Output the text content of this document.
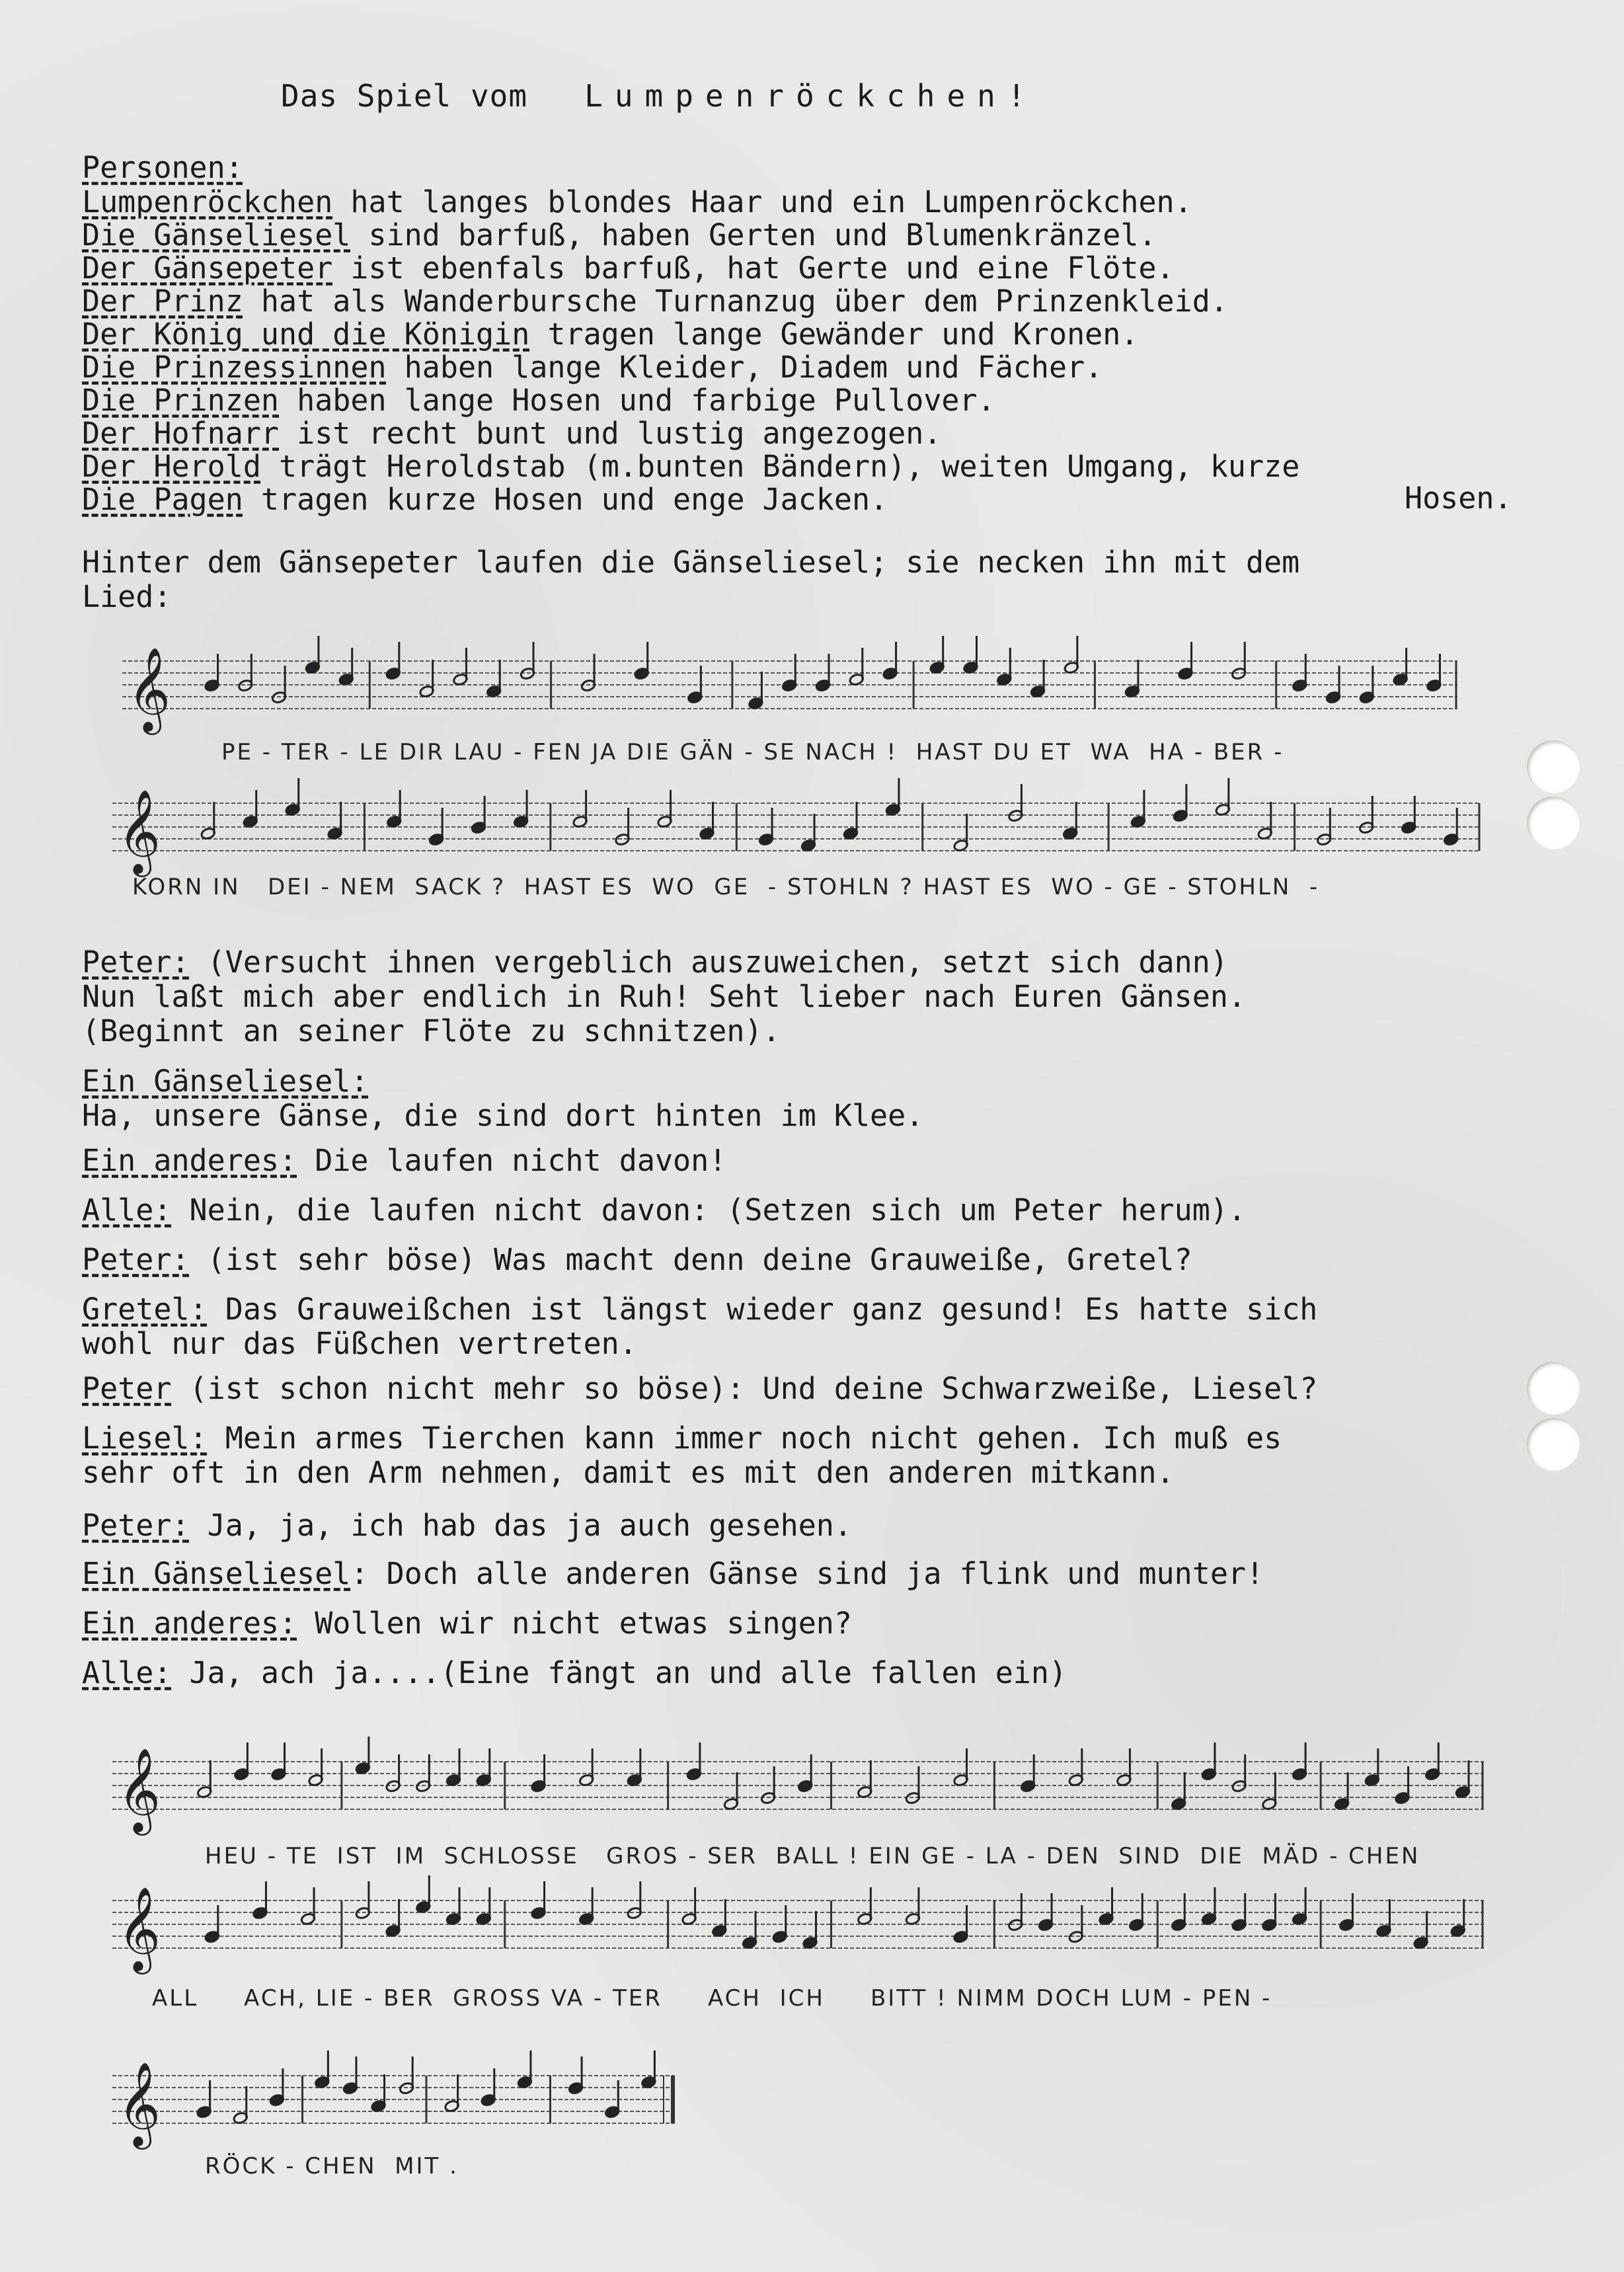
Das Spiel vom Lumpenröckchen!
Personen:
Lumpenröckchen hat langes blondes Haar und ein Lumpenröckchen.
Die Gänseliesel sind barfuß, haben Gerten und Blumenkränzel.
Der Gänsepeter ist ebenfals barfuß, hat Gerte und eine Flöte.
Der Prinz hat als Wanderbursche Turnanzug über dem Prinzenkleid.
Der König und die Königin tragen lange Gewänder und Kronen.
Die Prinzessinnen haben lange Kleider, Diadem und Fächer.
Die Prinzen haben lange Hosen und farbige Pullover.
Der Hofnarr ist recht bunt und lustig angezogen.
Der Herold trägt Heroldstab (m.bunten Bändern), weiten Umgang, kurze
Die Pagen tragen kurze Hosen und enge Jacken.	Hosen.
Hinter dem Gänsepeter laufen die Gänseliesel; sie necken ihn mit dem
Lied:
𝄞
PE - TER - LE DIR LAU - FEN JA DIE GÄN - SE NACH !  HAST DU ET  WA  HA - BER -
𝄞
KORN IN   DEI - NEM  SACK ?  HAST ES  WO  GE  - STOHLN ? HAST ES  WO - GE - STOHLN  -
Peter: (Versucht ihnen vergeblich auszuweichen, setzt sich dann)
Nun laßt mich aber endlich in Ruh! Seht lieber nach Euren Gänsen.
(Beginnt an seiner Flöte zu schnitzen).
Ein Gänseliesel:
Ha, unsere Gänse, die sind dort hinten im Klee.
Ein anderes: Die laufen nicht davon!
Alle: Nein, die laufen nicht davon: (Setzen sich um Peter herum).
Peter: (ist sehr böse) Was macht denn deine Grauweiße, Gretel?
Gretel: Das Grauweißchen ist längst wieder ganz gesund! Es hatte sich
wohl nur das Füßchen vertreten.
Peter (ist schon nicht mehr so böse): Und deine Schwarzweiße, Liesel?
Liesel: Mein armes Tierchen kann immer noch nicht gehen. Ich muß es
sehr oft in den Arm nehmen, damit es mit den anderen mitkann.
Peter: Ja, ja, ich hab das ja auch gesehen.
Ein Gänseliesel: Doch alle anderen Gänse sind ja flink und munter!
Ein anderes: Wollen wir nicht etwas singen?
Alle: Ja, ach ja....(Eine fängt an und alle fallen ein)
𝄞
HEU - TE  IST  IM  SCHLOSSE   GROS - SER  BALL ! EIN GE - LA - DEN  SIND  DIE  MÄD - CHEN
𝄞
ALL     ACH, LIE - BER  GROSS VA - TER     ACH  ICH     BITT ! NIMM DOCH LUM - PEN -
𝄞
RÖCK - CHEN  MIT .
